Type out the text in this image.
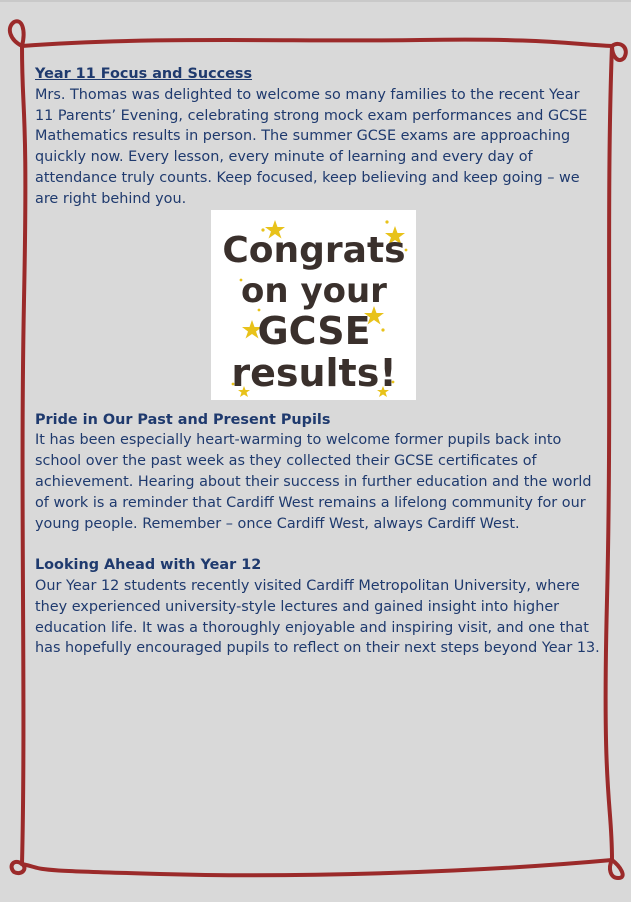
Year 11 Focus and Success

Mrs. Thomas was delighted to welcome so many families to the recent Year 11 Parents’ Evening, celebrating strong mock exam performances and GCSE Mathematics results in person. The summer GCSE exams are approaching quickly now. Every lesson, every minute of learning and every day of attendance truly counts. Keep focused, keep believing and keep going – we are right behind you.

Congrats
on your
GCSE
results!

Pride in Our Past and Present Pupils

It has been especially heart-warming to welcome former pupils back into school over the past week as they collected their GCSE certificates of achievement. Hearing about their success in further education and the world of work is a reminder that Cardiff West remains a lifelong community for our young people. Remember – once Cardiff West, always Cardiff West.

Looking Ahead with Year 12

Our Year 12 students recently visited Cardiff Metropolitan University, where they experienced university-style lectures and gained insight into higher education life. It was a thoroughly enjoyable and inspiring visit, and one that has hopefully encouraged pupils to reflect on their next steps beyond Year 13.
